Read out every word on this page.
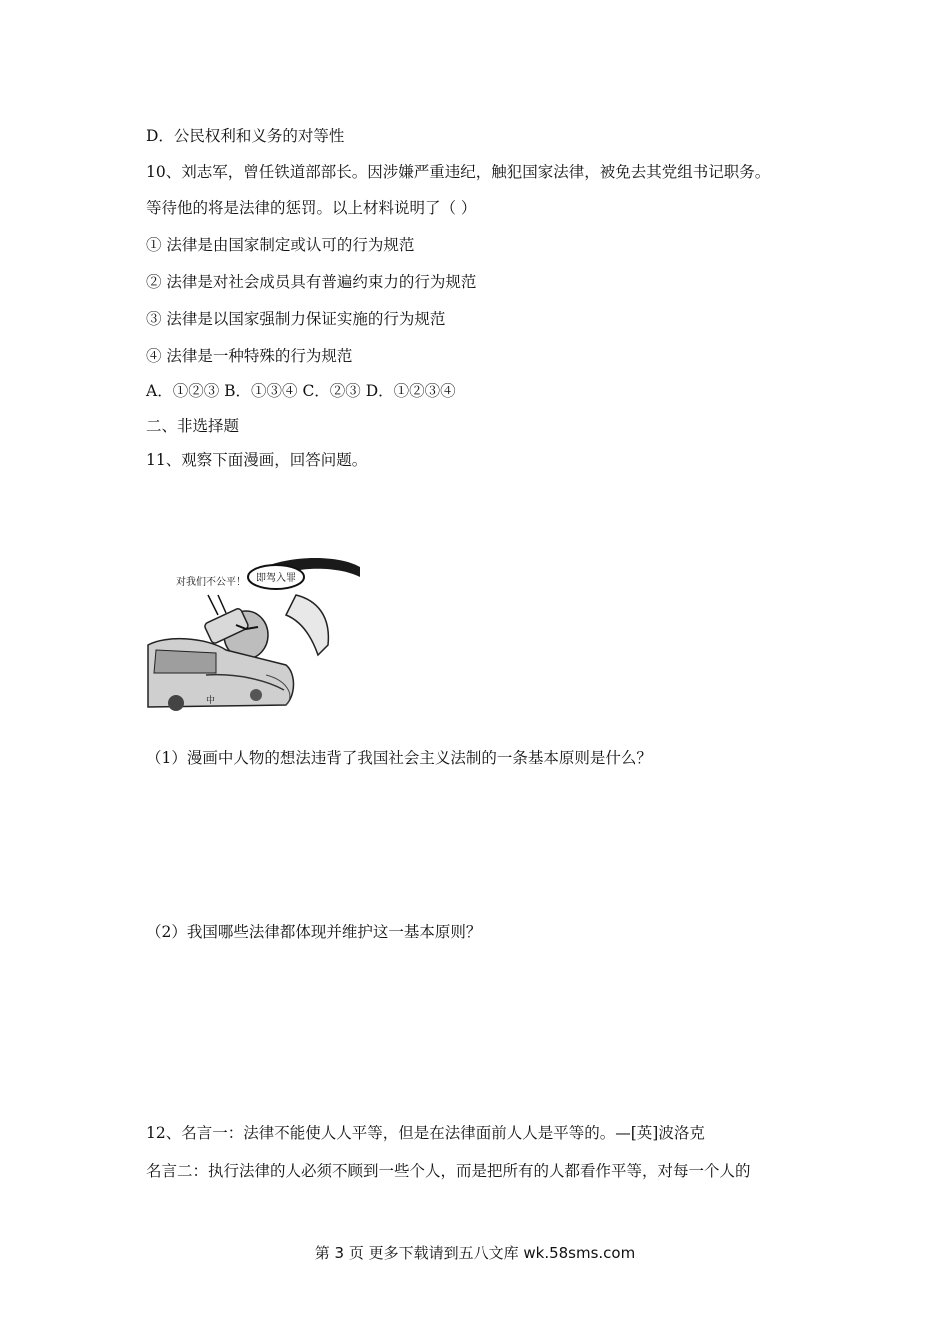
D．公民权利和义务的对等性
10、刘志军，曾任铁道部部长。因涉嫌严重违纪，触犯国家法律，被免去其党组书记职务。
等待他的将是法律的惩罚。以上材料说明了（ ）
① 法律是由国家制定或认可的行为规范
② 法律是对社会成员具有普遍约束力的行为规范
③ 法律是以国家强制力保证实施的行为规范
④ 法律是一种特殊的行为规范
A．①②③ B．①③④ C．②③ D．①②③④
二、非选择题
11、观察下面漫画，回答问题。
即驾入罪
对我们不公平！
中
（1）漫画中人物的想法违背了我国社会主义法制的一条基本原则是什么？
（2）我国哪些法律都体现并维护这一基本原则？
12、名言一：法律不能使人人平等，但是在法律面前人人是平等的。—[英]波洛克
名言二：执行法律的人必须不顾到一些个人，而是把所有的人都看作平等，对每一个人的
第 3 页 更多下载请到五八文库 wk.58sms.com
